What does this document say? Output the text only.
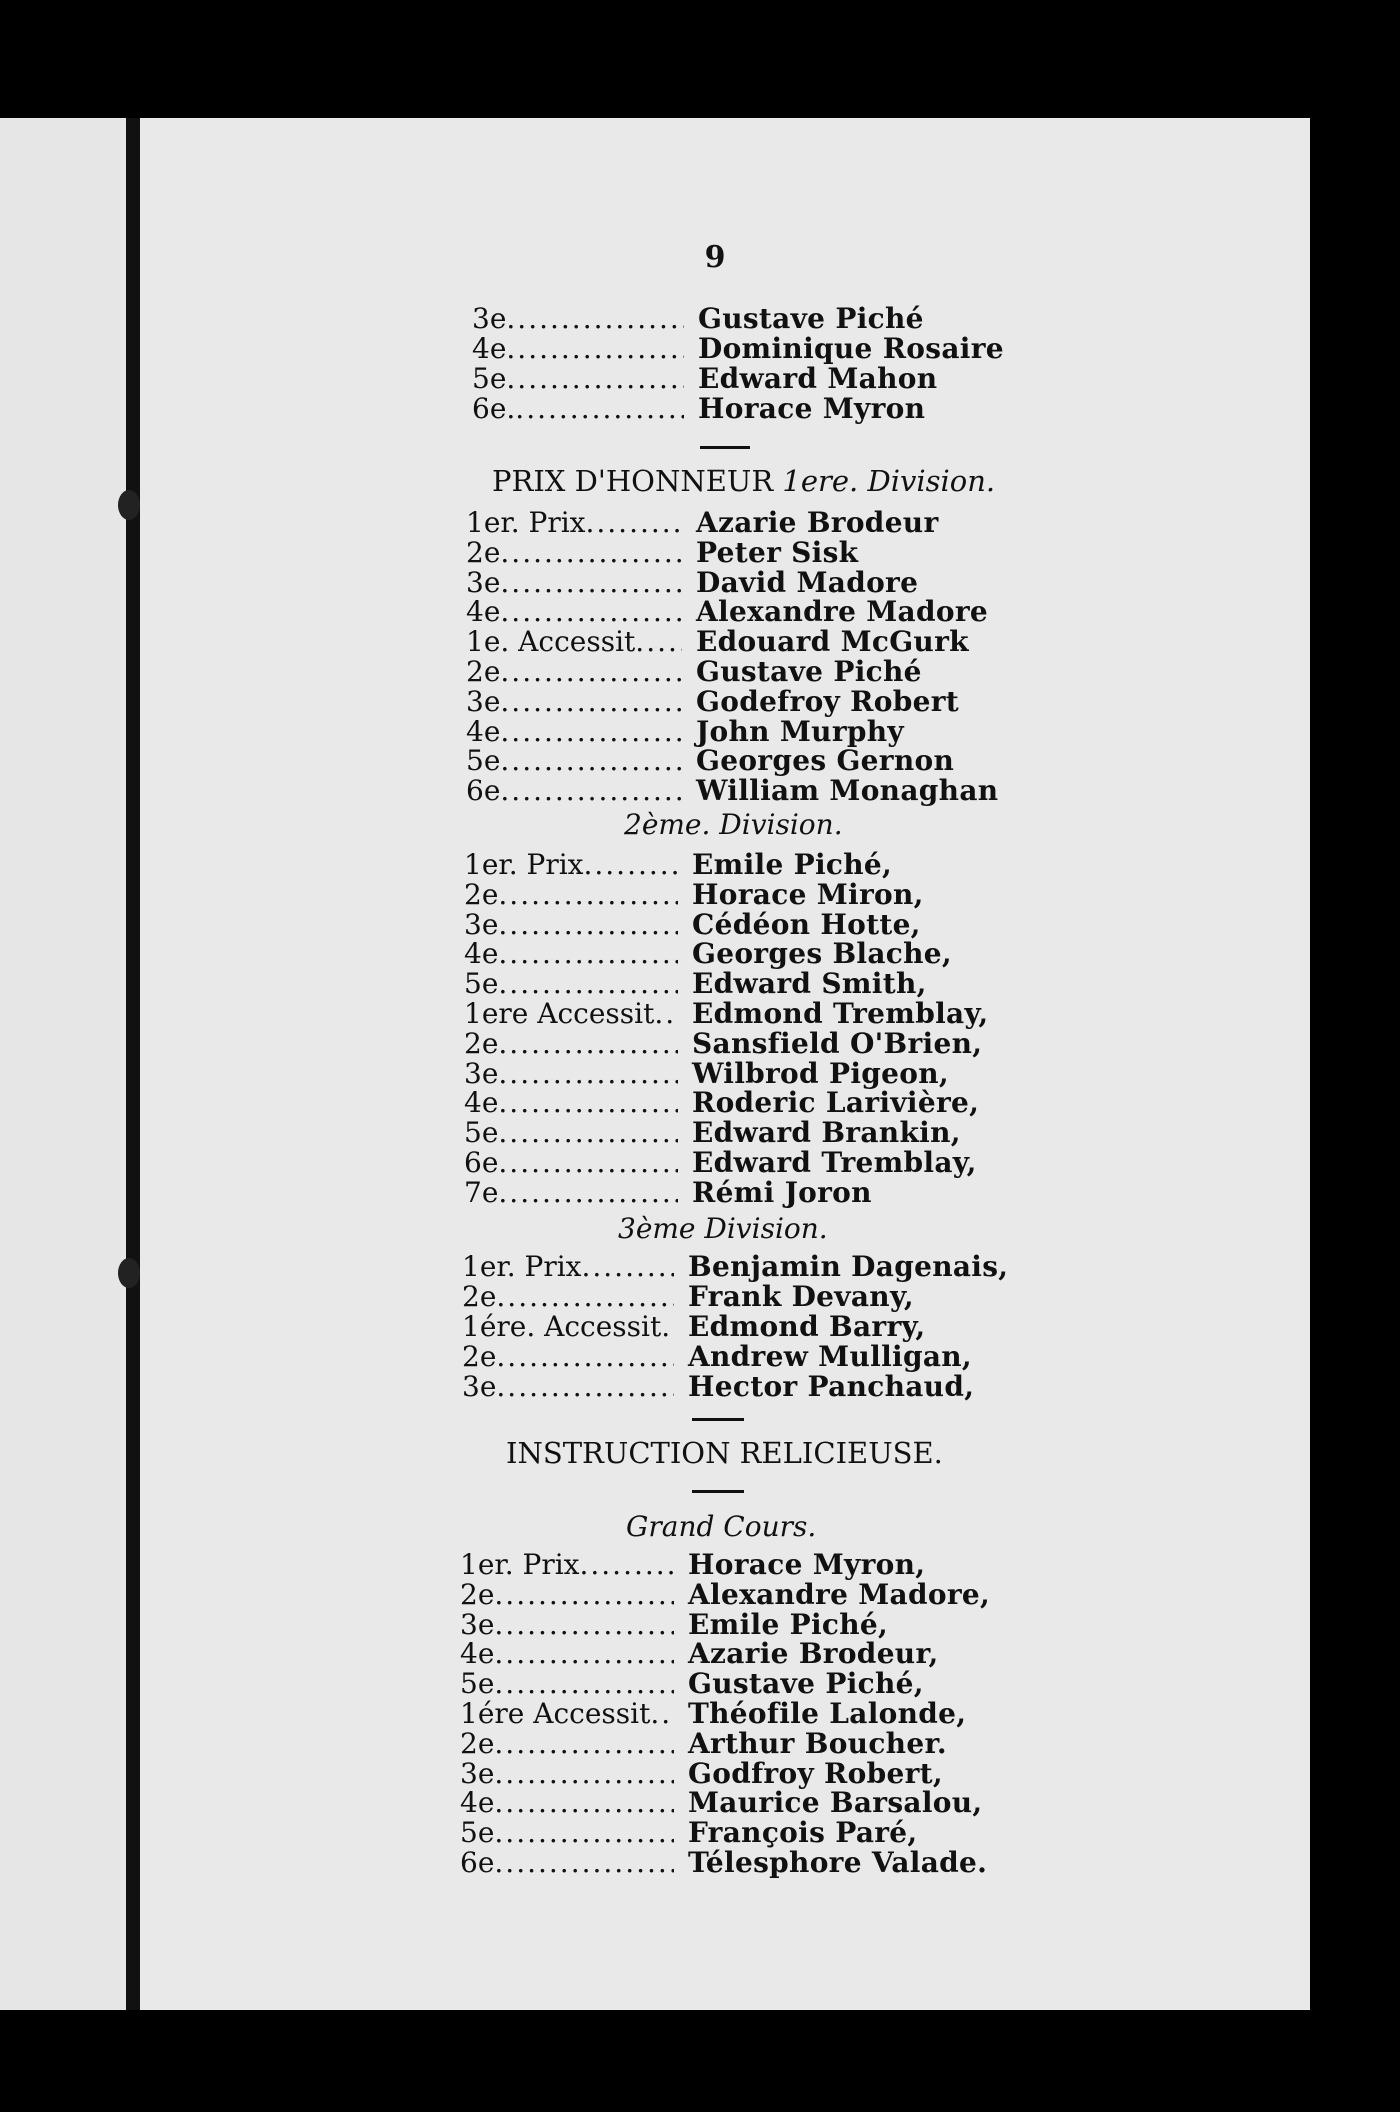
9
3e .....	Gustave Piché
4e .....	Dominique Rosaire
5e .....	Edward Mahon
6e. .....	Horace Myron
PRIX D'HONNEUR 1ere. Division.
1er. Prix .....	Azarie Brodeur
2e .....	Peter Sisk
3e .....	David Madore
4e .....	Alexandre Madore
1e. Accessit .....	Edouard McGurk
2e .....	Gustave Piché
3e .....	Godefroy Robert
4e .....	John Murphy
5e .....	Georges Gernon
6e .....	William Monaghan
2ème. Division.
1er. Prix .....	Emile Piché,
2e .....	Horace Miron,
3e .....	Cédéon Hotte,
4e .....	Georges Blache,
5e .....	Edward Smith,
1ere Accessit .....	Edmond Tremblay,
2e .....	Sansfield O'Brien,
3e .....	Wilbrod Pigeon,
4e .....	Roderic Larivière,
5e .....	Edward Brankin,
6e .....	Edward Tremblay,
7e .....	Rémi Joron
3ème Division.
1er. Prix .....	Benjamin Dagenais,
2e .....	Frank Devany,
1ére. Accessit ..... Edmond Barry,
2e .....	Andrew Mulligan,
3e .....	Hector Panchaud,
INSTRUCTION RELICIEUSE.
Grand Cours.
1er. Prix .....	Horace Myron,
2e .....	Alexandre Madore,
3e .....	Emile Piché,
4e .....	Azarie Brodeur,
5e .....	Gustave Piché,
1ére Accessit .....	Théofile Lalonde,
2e .....	Arthur Boucher.
3e .....	Godfroy Robert,
4e .....	Maurice Barsalou,
5e .....	François Paré,
6e .....	Télesphore Valade.
